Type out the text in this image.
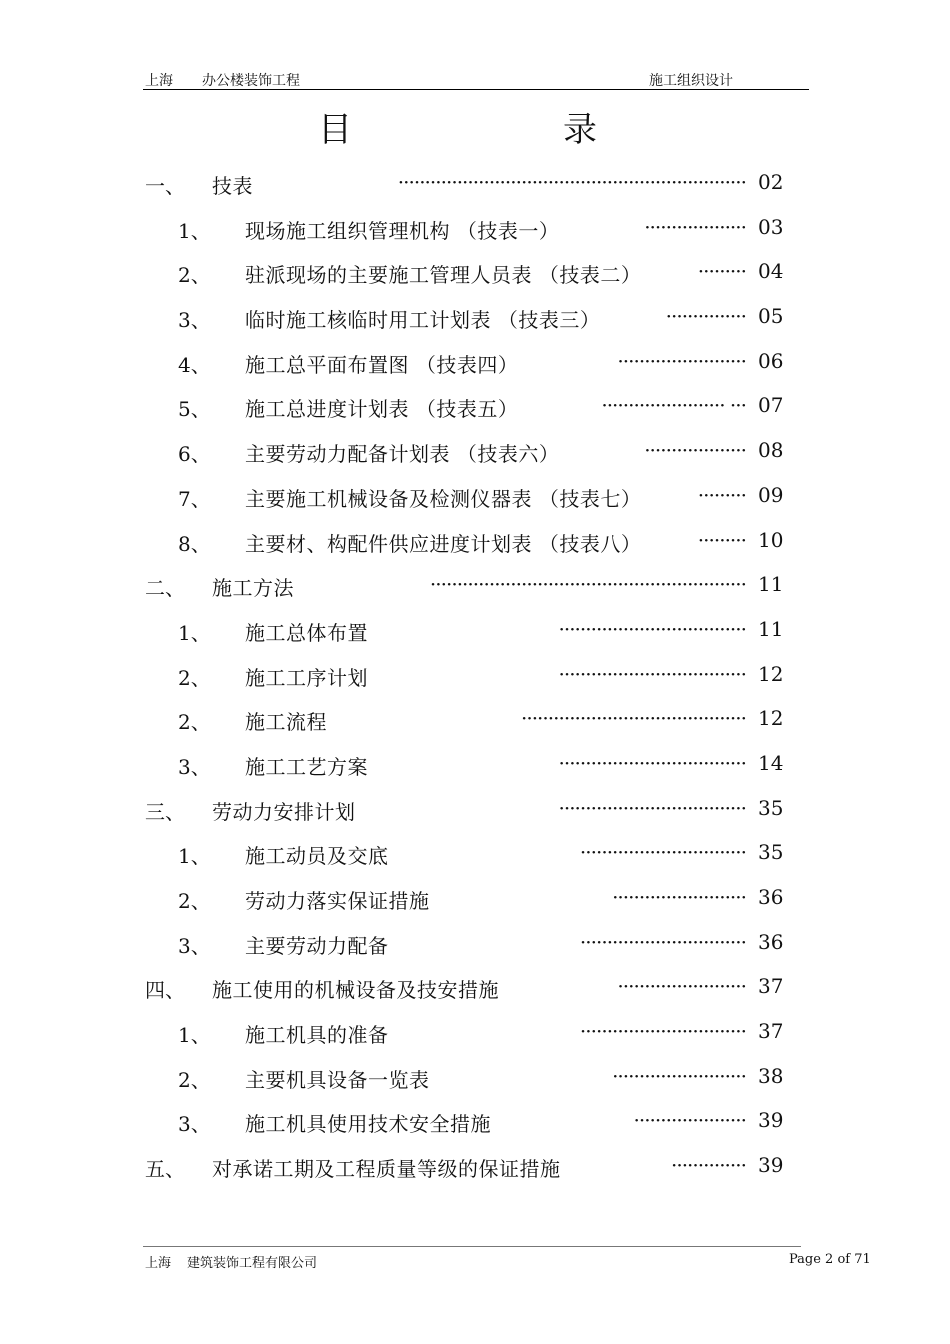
上海 办公楼装饰工程	施工组织设计
目	录
一、 技表	································································· 02
1、 现场施工组织管理机构 （技表一）	··················· 03
2、 驻派现场的主要施工管理人员表 （技表二）	········· 04
3、 临时施工核临时用工计划表 （技表三）	··············· 05
4、 施工总平面布置图 （技表四）	························ 06
5、 施工总进度计划表 （技表五）	······················· ··· 07
6、 主要劳动力配备计划表 （技表六）	··················· 08
7、 主要施工机械设备及检测仪器表 （技表七）	········· 09
8、 主要材、构配件供应进度计划表 （技表八）	········· 10
二、 施工方法	··························································· 11
1、 施工总体布置	··································· 11
2、 施工工序计划	··································· 12
2、 施工流程	·········································· 12
3、 施工工艺方案	··································· 14
三、 劳动力安排计划	··································· 35
1、 施工动员及交底	······························· 35
2、 劳动力落实保证措施	························· 36
3、 主要劳动力配备	······························· 36
四、 施工使用的机械设备及技安措施	························ 37
1、 施工机具的准备	······························· 37
2、 主要机具设备一览表	························· 38
3、 施工机具使用技术安全措施	····················· 39
五、 对承诺工期及工程质量等级的保证措施	·············· 39
上海 建筑装饰工程有限公司	Page 2 of 71
